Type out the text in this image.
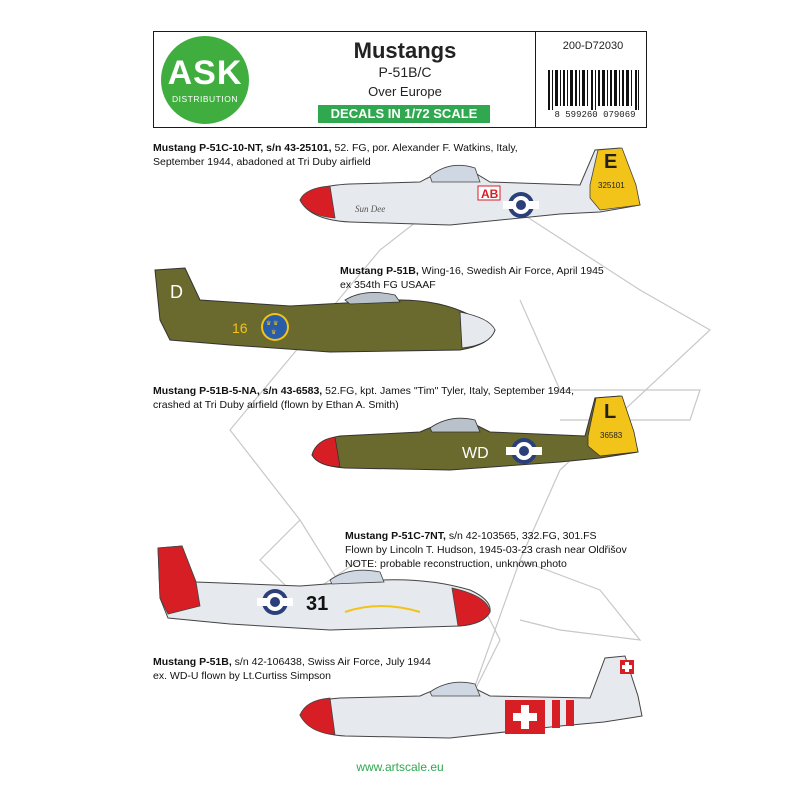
AB
E
325101
Sun Dee
♛ ♛
♛
D
16
WD
L
36583
31
ASK
DISTRIBUTION
Mustangs
P-51B/C
Over Europe
DECALS IN 1/72 SCALE
200-D72030
8 599260 079069
Mustang P-51C-10-NT, s/n 43-25101, 52. FG, por. Alexander F. Watkins, Italy,
September 1944, abadoned at Tri Duby airfield
Mustang P-51B, Wing-16, Swedish Air Force, April 1945
ex 354th FG USAAF
Mustang P-51B-5-NA, s/n 43-6583, 52.FG, kpt. James "Tim" Tyler, Italy, September 1944,
crashed at Tri Duby airfield (flown by Ethan A. Smith)
Mustang P-51C-7NT, s/n 42-103565, 332.FG, 301.FS
Flown by Lincoln T. Hudson, 1945-03-23 crash near Oldřišov
NOTE: probable reconstruction, unknown photo
Mustang P-51B, s/n 42-106438, Swiss Air Force, July 1944
ex. WD-U flown by Lt.Curtiss Simpson
www.artscale.eu
